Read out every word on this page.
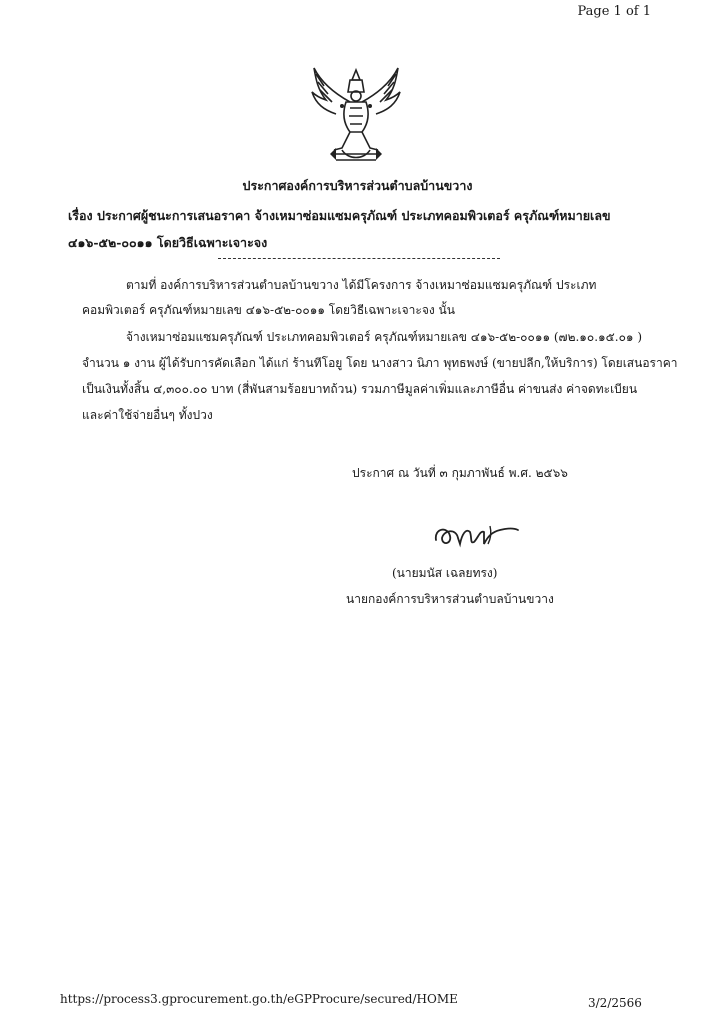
Page 1 of 1
ประกาศองค์การบริหารส่วนตำบลบ้านขวาง
เรื่อง ประกาศผู้ชนะการเสนอราคา จ้างเหมาซ่อมแซมครุภัณฑ์ ประเภทคอมพิวเตอร์ ครุภัณฑ์หมายเลข ๔๑๖-๕๒-๐๐๑๑ โดยวิธีเฉพาะเจาะจง
ตามที่ องค์การบริหารส่วนตำบลบ้านขวาง ได้มีโครงการ จ้างเหมาซ่อมแซมครุภัณฑ์ ประเภท
คอมพิวเตอร์ ครุภัณฑ์หมายเลข ๔๑๖-๕๒-๐๐๑๑ โดยวิธีเฉพาะเจาะจง นั้น
จ้างเหมาซ่อมแซมครุภัณฑ์ ประเภทคอมพิวเตอร์ ครุภัณฑ์หมายเลข ๔๑๖-๕๒-๐๐๑๑ (๗๒.๑๐.๑๕.๐๑ )
จำนวน ๑ งาน ผู้ได้รับการคัดเลือก ได้แก่ ร้านทีโอยู โดย นางสาว นิภา พุทธพงษ์ (ขายปลีก,ให้บริการ) โดยเสนอราคา
เป็นเงินทั้งสิ้น ๔,๓๐๐.๐๐ บาท (สี่พันสามร้อยบาทถ้วน) รวมภาษีมูลค่าเพิ่มและภาษีอื่น ค่าขนส่ง ค่าจดทะเบียน
และค่าใช้จ่ายอื่นๆ ทั้งปวง
ประกาศ ณ วันที่ ๓ กุมภาพันธ์ พ.ศ. ๒๕๖๖
(นายมนัส เฉลยทรง)
นายกองค์การบริหารส่วนตำบลบ้านขวาง
https://process3.gprocurement.go.th/eGPProcure/secured/HOME	3/2/2566
